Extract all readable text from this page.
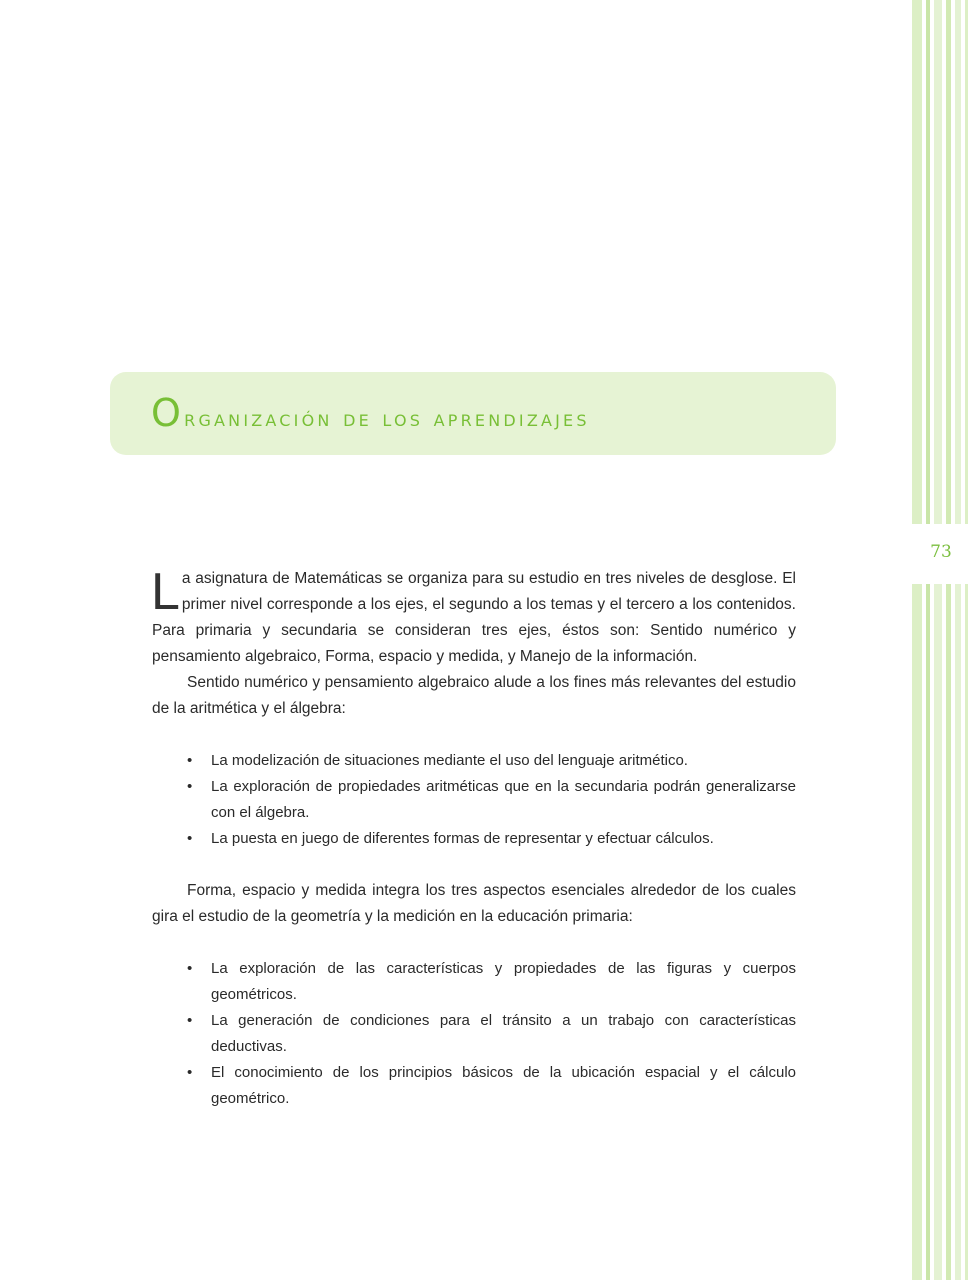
73
Organización de los aprendizajes

La asignatura de Matemáticas se organiza para su estudio en tres niveles de desglose. El primer nivel corresponde a los ejes, el segundo a los temas y el tercero a los contenidos. Para primaria y secundaria se consideran tres ejes, éstos son: Sentido numérico y pensamiento algebraico, Forma, espacio y medida, y Manejo de la información.

Sentido numérico y pensamiento algebraico alude a los fines más relevantes del estudio de la aritmética y el álgebra:

• La modelización de situaciones mediante el uso del lenguaje aritmético.
• La exploración de propiedades aritméticas que en la secundaria podrán generalizarse con el álgebra.
• La puesta en juego de diferentes formas de representar y efectuar cálculos.

Forma, espacio y medida integra los tres aspectos esenciales alrededor de los cuales gira el estudio de la geometría y la medición en la educación primaria:

• La exploración de las características y propiedades de las figuras y cuerpos geométricos.
• La generación de condiciones para el tránsito a un trabajo con características deductivas.
• El conocimiento de los principios básicos de la ubicación espacial y el cálculo geométrico.
